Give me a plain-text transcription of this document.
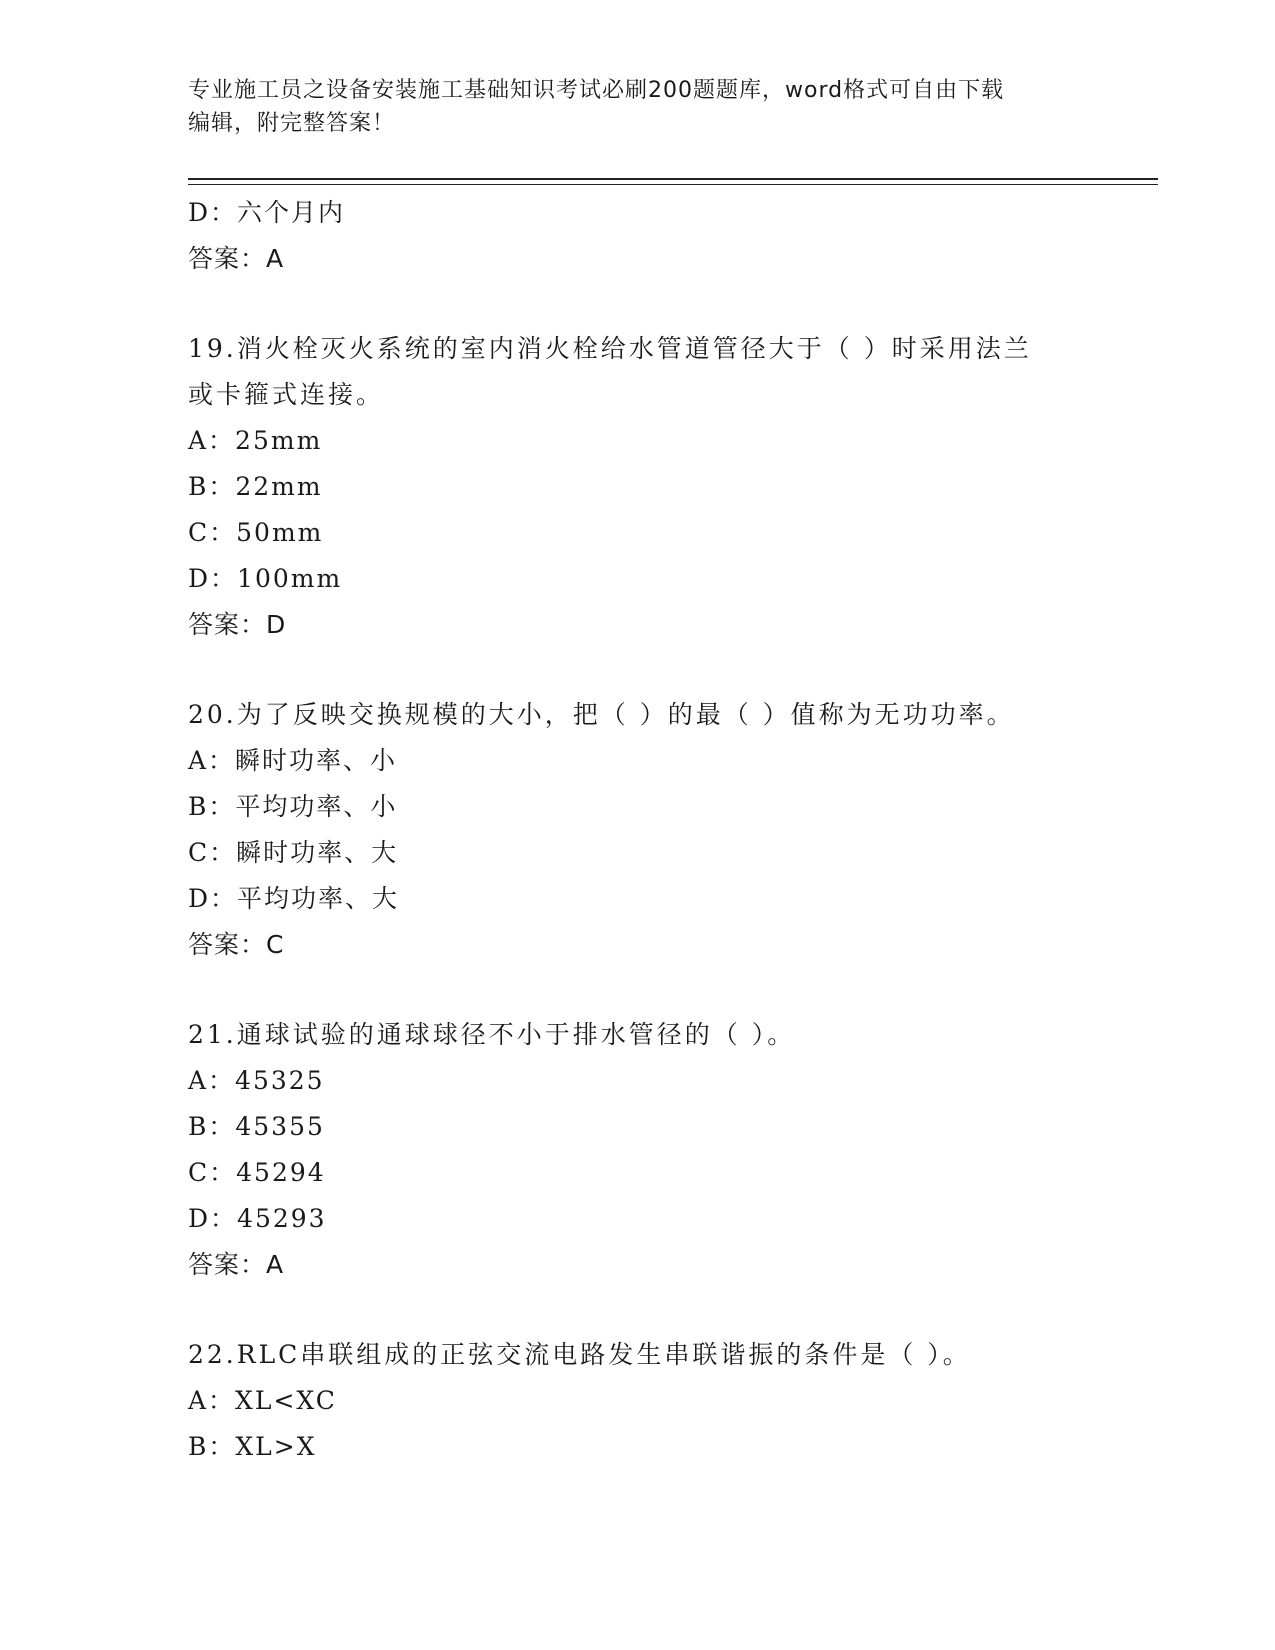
专业施工员之设备安装施工基础知识考试必刷200题题库，word格式可自由下载
编辑，附完整答案！
D：六个月内
答案：A
19.消火栓灭火系统的室内消火栓给水管道管径大于（ ）时采用法兰
或卡箍式连接。
A：25mm
B：22mm
C：50mm
D：100mm
答案：D
20.为了反映交换规模的大小，把（ ）的最（ ）值称为无功功率。
A：瞬时功率、小
B：平均功率、小
C：瞬时功率、大
D：平均功率、大
答案：C
21.通球试验的通球球径不小于排水管径的（ ）。
A：45325
B：45355
C：45294
D：45293
答案：A
22.RLC串联组成的正弦交流电路发生串联谐振的条件是（ ）。
A：XL<XC
B：XL>X
